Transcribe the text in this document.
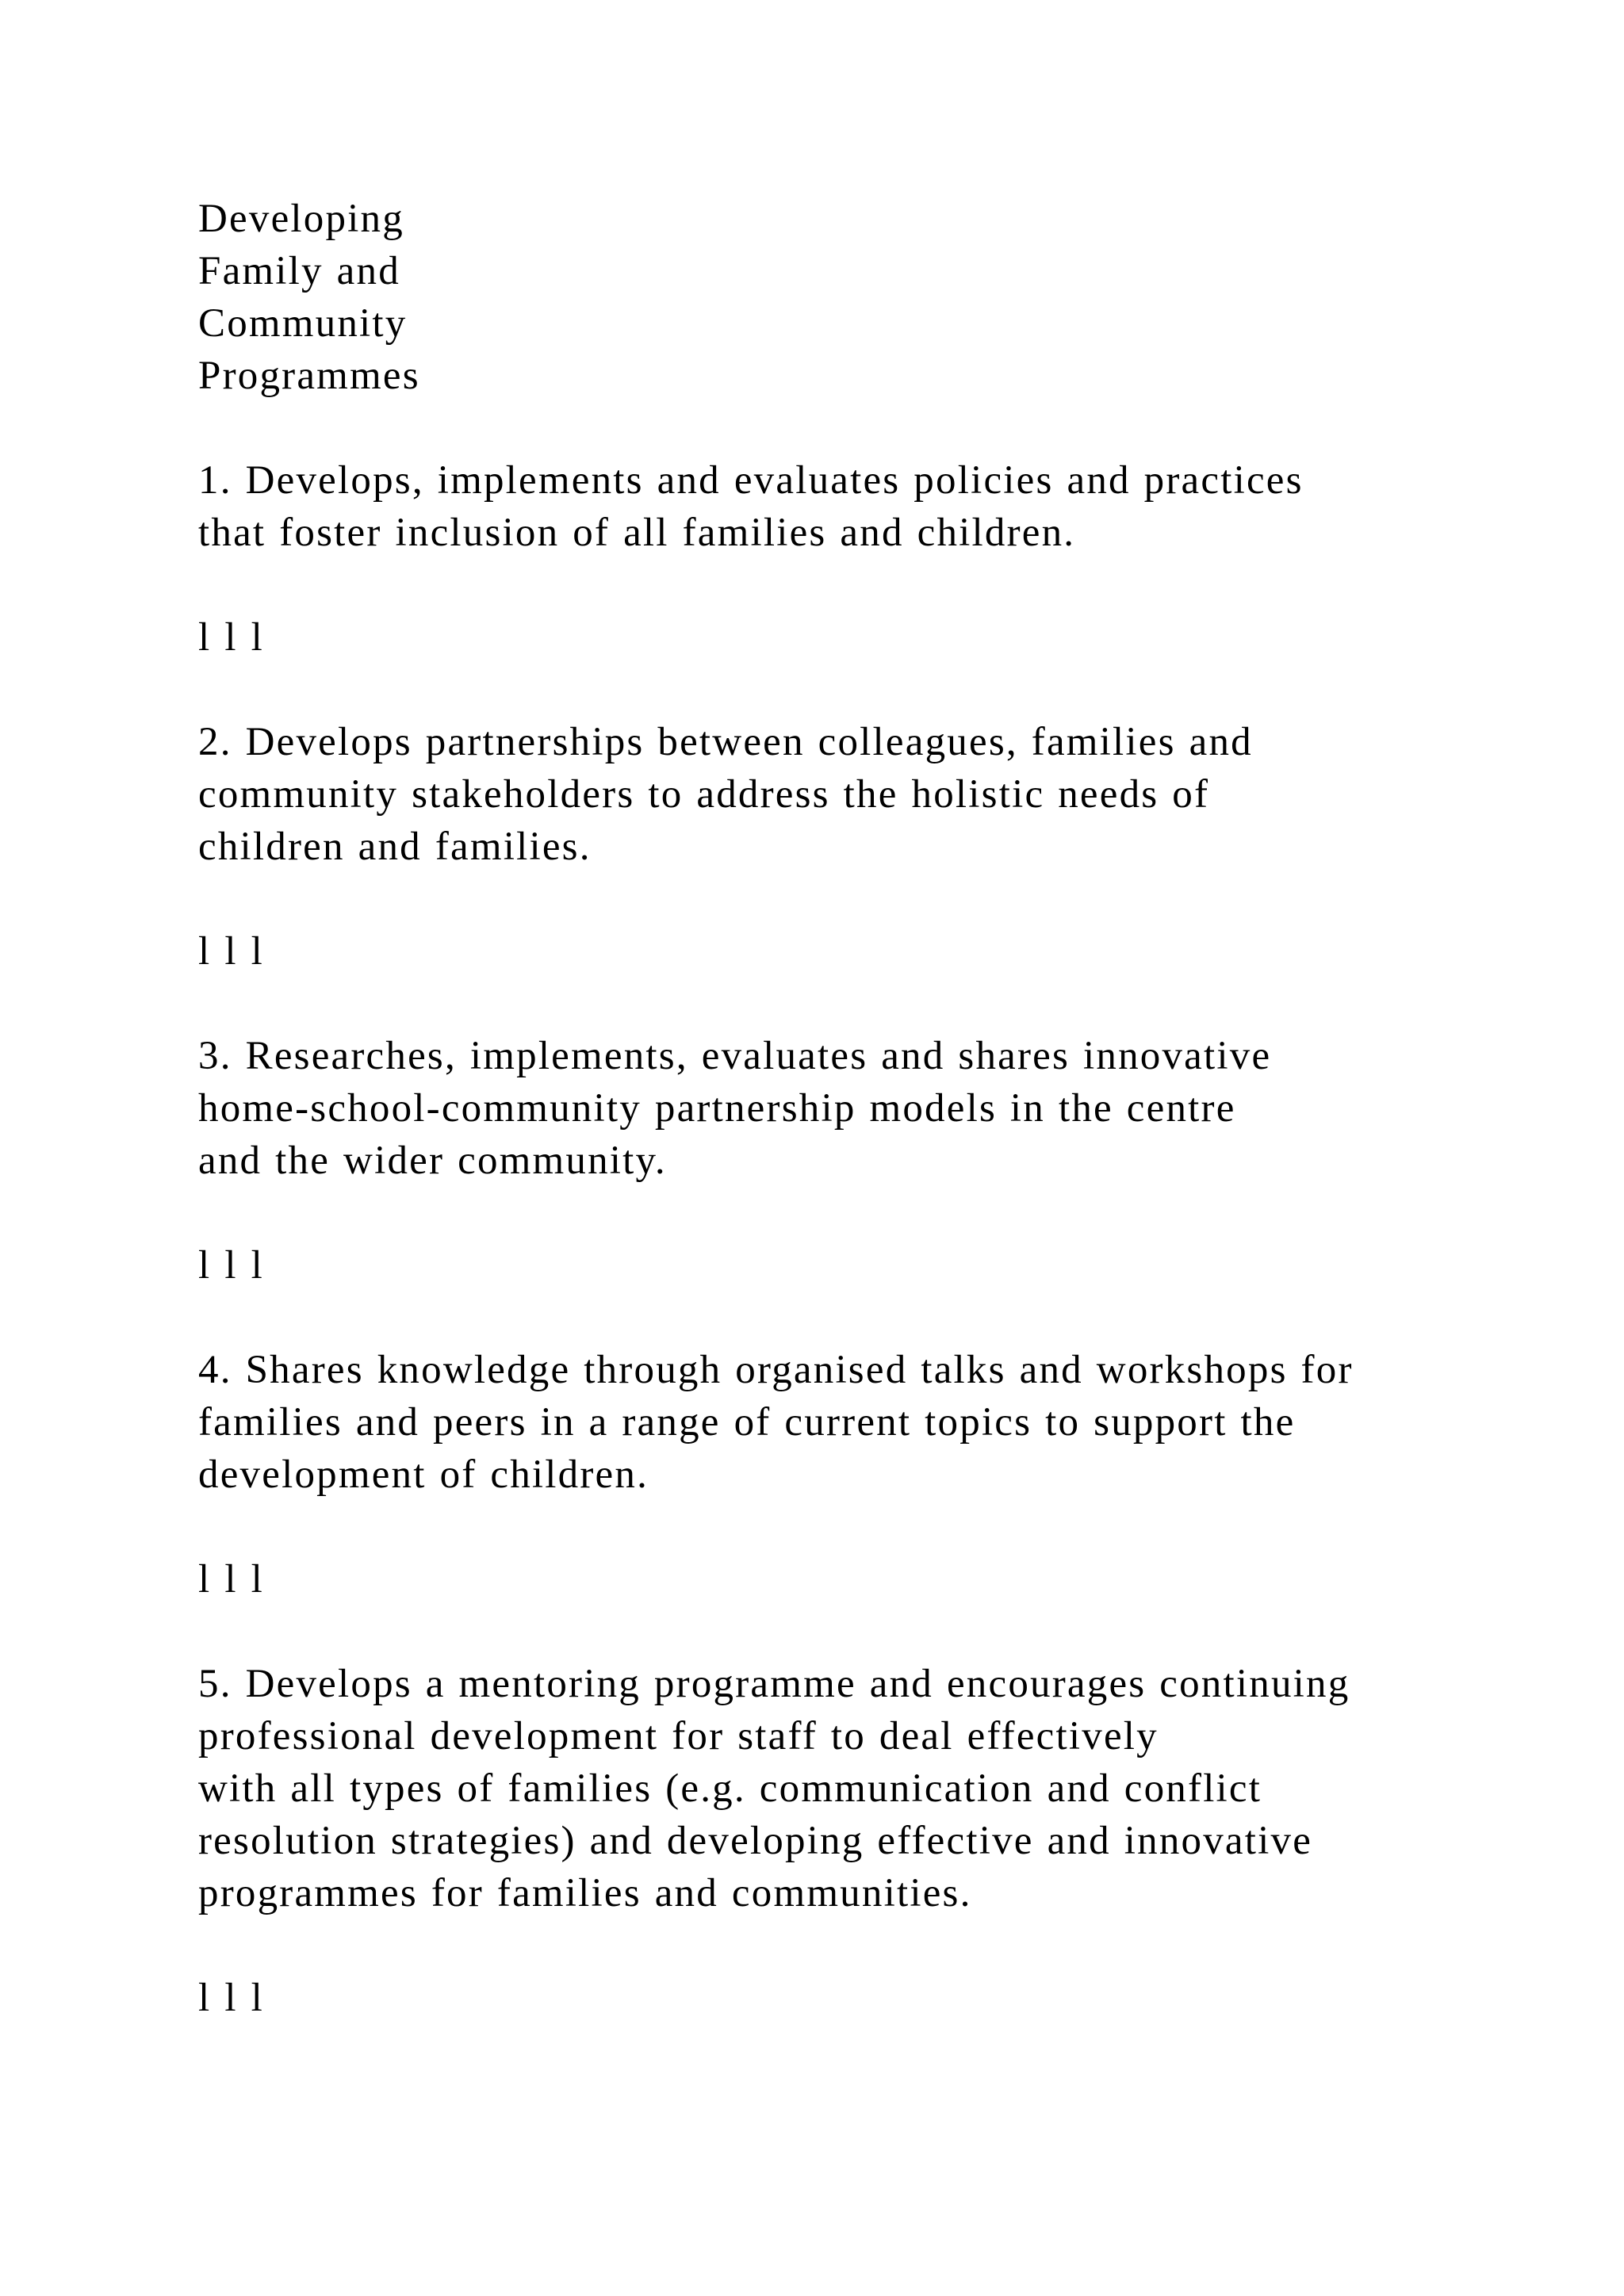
Developing
Family and
Community
Programmes
1. Develops, implements and evaluates policies and practices
that foster inclusion of all families and children.
l l l
2. Develops partnerships between colleagues, families and
community stakeholders to address the holistic needs of
children and families.
l l l
3. Researches, implements, evaluates and shares innovative
home-school-community partnership models in the centre
and the wider community.
l l l
4. Shares knowledge through organised talks and workshops for
families and peers in a range of current topics to support the
development of children.
l l l
5. Develops a mentoring programme and encourages continuing
professional development for staff to deal effectively
with all types of families (e.g. communication and conflict
resolution strategies) and developing effective and innovative
programmes for families and communities.
l l l
